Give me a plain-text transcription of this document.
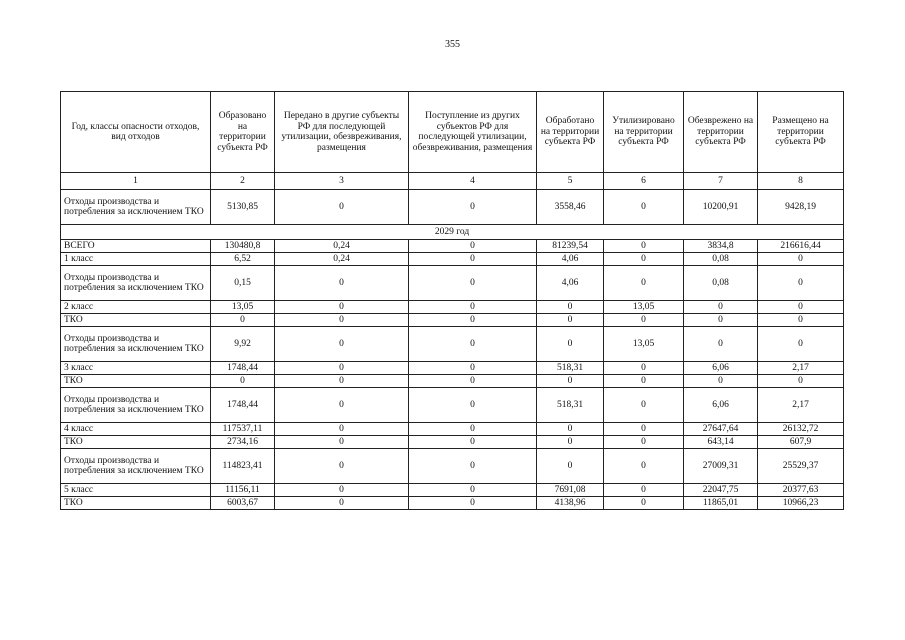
355
Год, классы опасности отходов, вид отходов	Образовано на территории субъекта РФ	Передано в другие субъекты РФ для последующей утилизации, обезвреживания, размещения	Поступление из других субъектов РФ для последующей утилизации, обезвреживания, размещения	Обработано на территории субъекта РФ	Утилизировано на территории субъекта РФ	Обезврежено на территории субъекта РФ	Размещено на территории субъекта РФ
1	2	3	4	5	6	7	8
Отходы производства и потребления за исключением ТКО	5130,85	0	0	3558,46	0	10200,91	9428,19
2029 год							
ВСЕГО	130480,8	0,24	0	81239,54	0	3834,8	216616,44
1 класс	6,52	0,24	0	4,06	0	0,08	0
Отходы производства и потребления за исключением ТКО	0,15	0	0	4,06	0	0,08	0
2 класс	13,05	0	0	0	13,05	0	0
ТКО	0	0	0	0	0	0	0
Отходы производства и потребления за исключением ТКО	9,92	0	0	0	13,05	0	0
3 класс	1748,44	0	0	518,31	0	6,06	2,17
ТКО	0	0	0	0	0	0	0
Отходы производства и потребления за исключением ТКО	1748,44	0	0	518,31	0	6,06	2,17
4 класс	117537,11	0	0	0	0	27647,64	26132,72
ТКО	2734,16	0	0	0	0	643,14	607,9
Отходы производства и потребления за исключением ТКО	114823,41	0	0	0	0	27009,31	25529,37
5 класс	11156,11	0	0	7691,08	0	22047,75	20377,63
ТКО	6003,67	0	0	4138,96	0	11865,01	10966,23
